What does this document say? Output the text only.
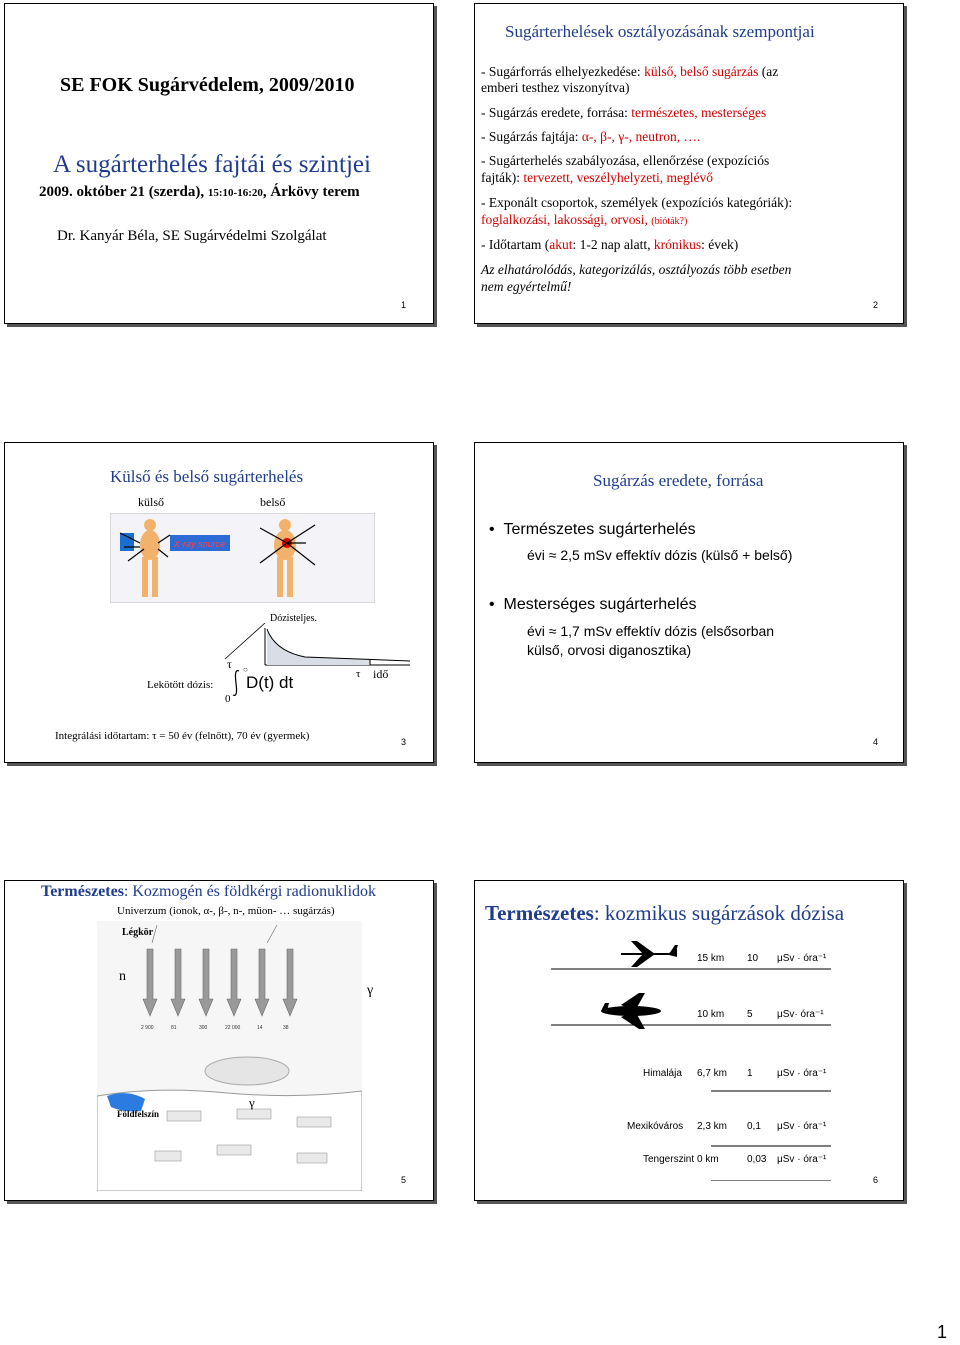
SE FOK Sugárvédelem, 2009/2010
A sugárterhelés fajtái és szintjei
2009. október 21 (szerda), 15:10-16:20, Árkövy terem
Dr. Kanyár Béla, SE Sugárvédelmi Szolgálat
1
Sugárterhelések osztályozásának szempontjai
- Sugárforrás elhelyezkedése: külső, belső sugárzás (az
emberi testhez viszonyítva)
- Sugárzás eredete, forrása: természetes, mesterséges
- Sugárzás fajtája: α-, β-, γ-, neutron, ….
- Sugárterhelés szabályozása, ellenőrzése (expozíciós
fajták): tervezett, veszélyhelyzeti, meglévő
- Exponált csoportok, személyek (expozíciós kategóriák):
foglalkozási, lakossági, orvosi, (bióták?)
- Időtartam (akut: 1-2 nap alatt, krónikus: évek)
Az elhatárolódás, kategorizálás, osztályozás több esetben
nem egyértelmű!
2
Külső és belső sugárterhelés
külső	belső
X-ray source
Dózisteljes.
τ idő
Lekötött dózis:
τ ○
D(t) dt
0
Integrálási időtartam: τ = 50 év (felnőtt), 70 év (gyermek)	3
Sugárzás eredete, forrása
•  Természetes sugárterhelés
évi ≈ 2,5 mSv effektív dózis (külső + belső)
•  Mesterséges sugárterhelés
évi ≈ 1,7 mSv effektív dózis (elsősorban
külső, orvosi diganosztika)
4
Természetes: Kozmogén és földkérgi radionuklidok
Univerzum (ionok, α-, β-, n-, müon- … sugárzás)
2 900	81	300	22 000	14	38
Légkör
Földfelszín
n
γ
γ
5
Természetes: kozmikus sugárzások dózisa
15 km 10 μSv · óra⁻¹
10 km 5 μSv· óra⁻¹
Himalája 6,7 km 1 μSv · óra⁻¹
Mexikóváros 2,3 km 0,1 μSv · óra⁻¹
Tengerszint 0 km	0,03 μSv · óra⁻¹
6
1
